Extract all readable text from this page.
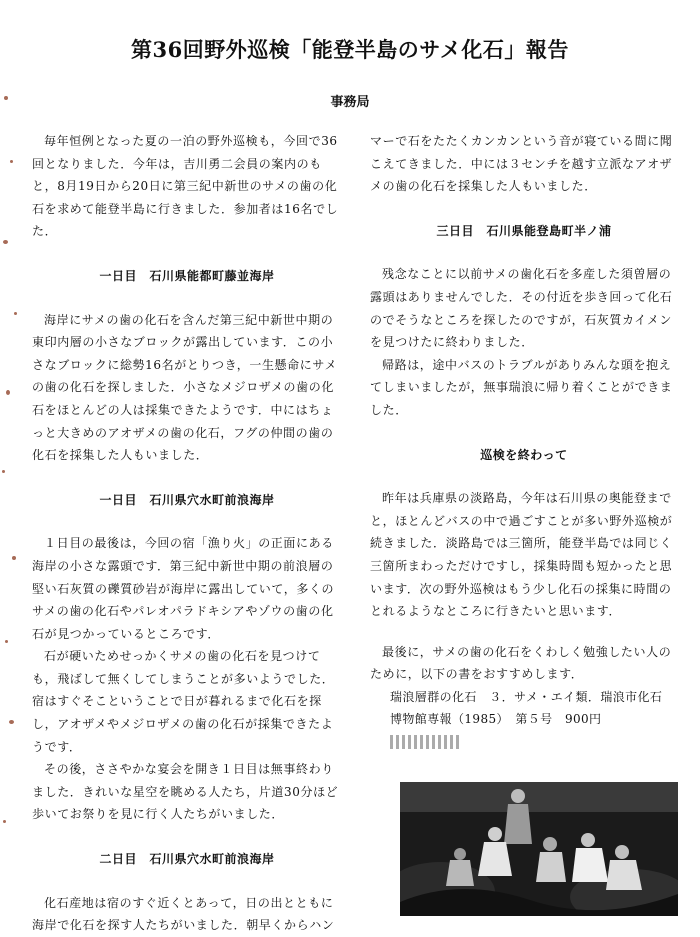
第36回野外巡検「能登半島のサメ化石」報告
事務局

毎年恒例となった夏の一泊の野外巡検も，今回で36回となりました．今年は，吉川勇二会員の案内のもと，8月19日から20日に第三紀中新世のサメの歯の化石を求めて能登半島に行きました．参加者は16名でした．

一日目　石川県能都町藤並海岸

海岸にサメの歯の化石を含んだ第三紀中新世中期の東印内層の小さなブロックが露出しています．この小さなブロックに総勢16名がとりつき，一生懸命にサメの歯の化石を探しました．小さなメジロザメの歯の化石をほとんどの人は採集できたようです．中にはちょっと大きめのアオザメの歯の化石，フグの仲間の歯の化石を採集した人もいました．

一日目　石川県穴水町前浪海岸

１日目の最後は，今回の宿「漁り火」の正面にある海岸の小さな露頭です．第三紀中新世中期の前浪層の堅い石灰質の礫質砂岩が海岸に露出していて，多くのサメの歯の化石やパレオパラドキシアやゾウの歯の化石が見つかっているところです．

石が硬いためせっかくサメの歯の化石を見つけても，飛ばして無くしてしまうことが多いようでした．宿はすぐそこということで日が暮れるまで化石を探し，アオザメやメジロザメの歯の化石が採集できたようです．

その後，ささやかな宴会を開き１日目は無事終わりました．きれいな星空を眺める人たち，片道30分ほど歩いてお祭りを見に行く人たちがいました．

二日目　石川県穴水町前浪海岸

化石産地は宿のすぐ近くとあって，日の出とともに海岸で化石を探す人たちがいました．朝早くからハン

マーで石をたたくカンカンという音が寝ている間に聞こえてきました．中には３センチを越す立派なアオザメの歯の化石を採集した人もいました．

三日目　石川県能登島町半ノ浦

残念なことに以前サメの歯化石を多産した須曽層の露頭はありませんでした．その付近を歩き回って化石のでそうなところを探したのですが，石灰質カイメンを見つけたに終わりました．

帰路は，途中バスのトラブルがありみんな頭を抱えてしまいましたが，無事瑞浪に帰り着くことができました．

巡検を終わって

昨年は兵庫県の淡路島，今年は石川県の奥能登までと，ほとんどバスの中で過ごすことが多い野外巡検が続きました．淡路島では三箇所，能登半島では同じく三箇所まわっただけですし，採集時間も短かったと思います．次の野外巡検はもう少し化石の採集に時間のとれるようなところに行きたいと思います．

最後に，サメの歯の化石をくわしく勉強したい人のために，以下の書をおすすめします．

瑞浪層群の化石　３．サメ・エイ類．瑞浪市化石
博物館専報（1985）　第５号　900円
